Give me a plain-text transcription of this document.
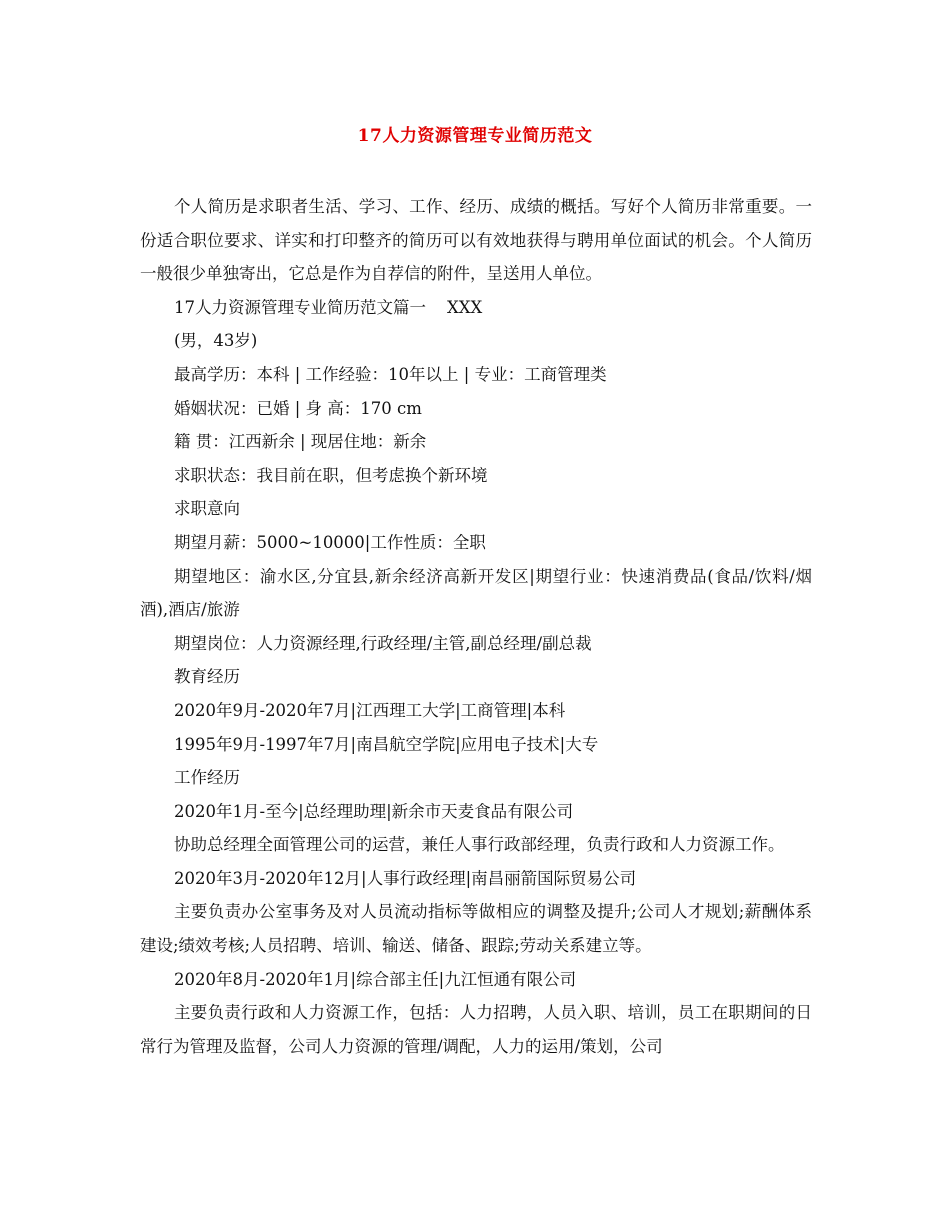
17人力资源管理专业简历范文

个人简历是求职者生活、学习、工作、经历、成绩的概括。写好个人简历非常重要。一份适合职位要求、详实和打印整齐的简历可以有效地获得与聘用单位面试的机会。个人简历一般很少单独寄出，它总是作为自荐信的附件，呈送用人单位。

17人力资源管理专业简历范文篇一    XXX

(男，43岁)

最高学历：本科 | 工作经验：10年以上 | 专业：工商管理类

婚姻状况：已婚 | 身 高：170 cm

籍 贯：江西新余 | 现居住地：新余

求职状态：我目前在职，但考虑换个新环境

求职意向

期望月薪：5000~10000|工作性质：全职

期望地区：渝水区,分宜县,新余经济高新开发区|期望行业：快速消费品(食品/饮料/烟酒),酒店/旅游

期望岗位：人力资源经理,行政经理/主管,副总经理/副总裁

教育经历

2020年9月-2020年7月|江西理工大学|工商管理|本科

1995年9月-1997年7月|南昌航空学院|应用电子技术|大专

工作经历

2020年1月-至今|总经理助理|新余市天麦食品有限公司

协助总经理全面管理公司的运营，兼任人事行政部经理，负责行政和人力资源工作。

2020年3月-2020年12月|人事行政经理|南昌丽箭国际贸易公司

主要负责办公室事务及对人员流动指标等做相应的调整及提升;公司人才规划;薪酬体系建设;绩效考核;人员招聘、培训、输送、储备、跟踪;劳动关系建立等。

2020年8月-2020年1月|综合部主任|九江恒通有限公司

主要负责行政和人力资源工作，包括：人力招聘，人员入职、培训，员工在职期间的日常行为管理及监督，公司人力资源的管理/调配，人力的运用/策划，公司
